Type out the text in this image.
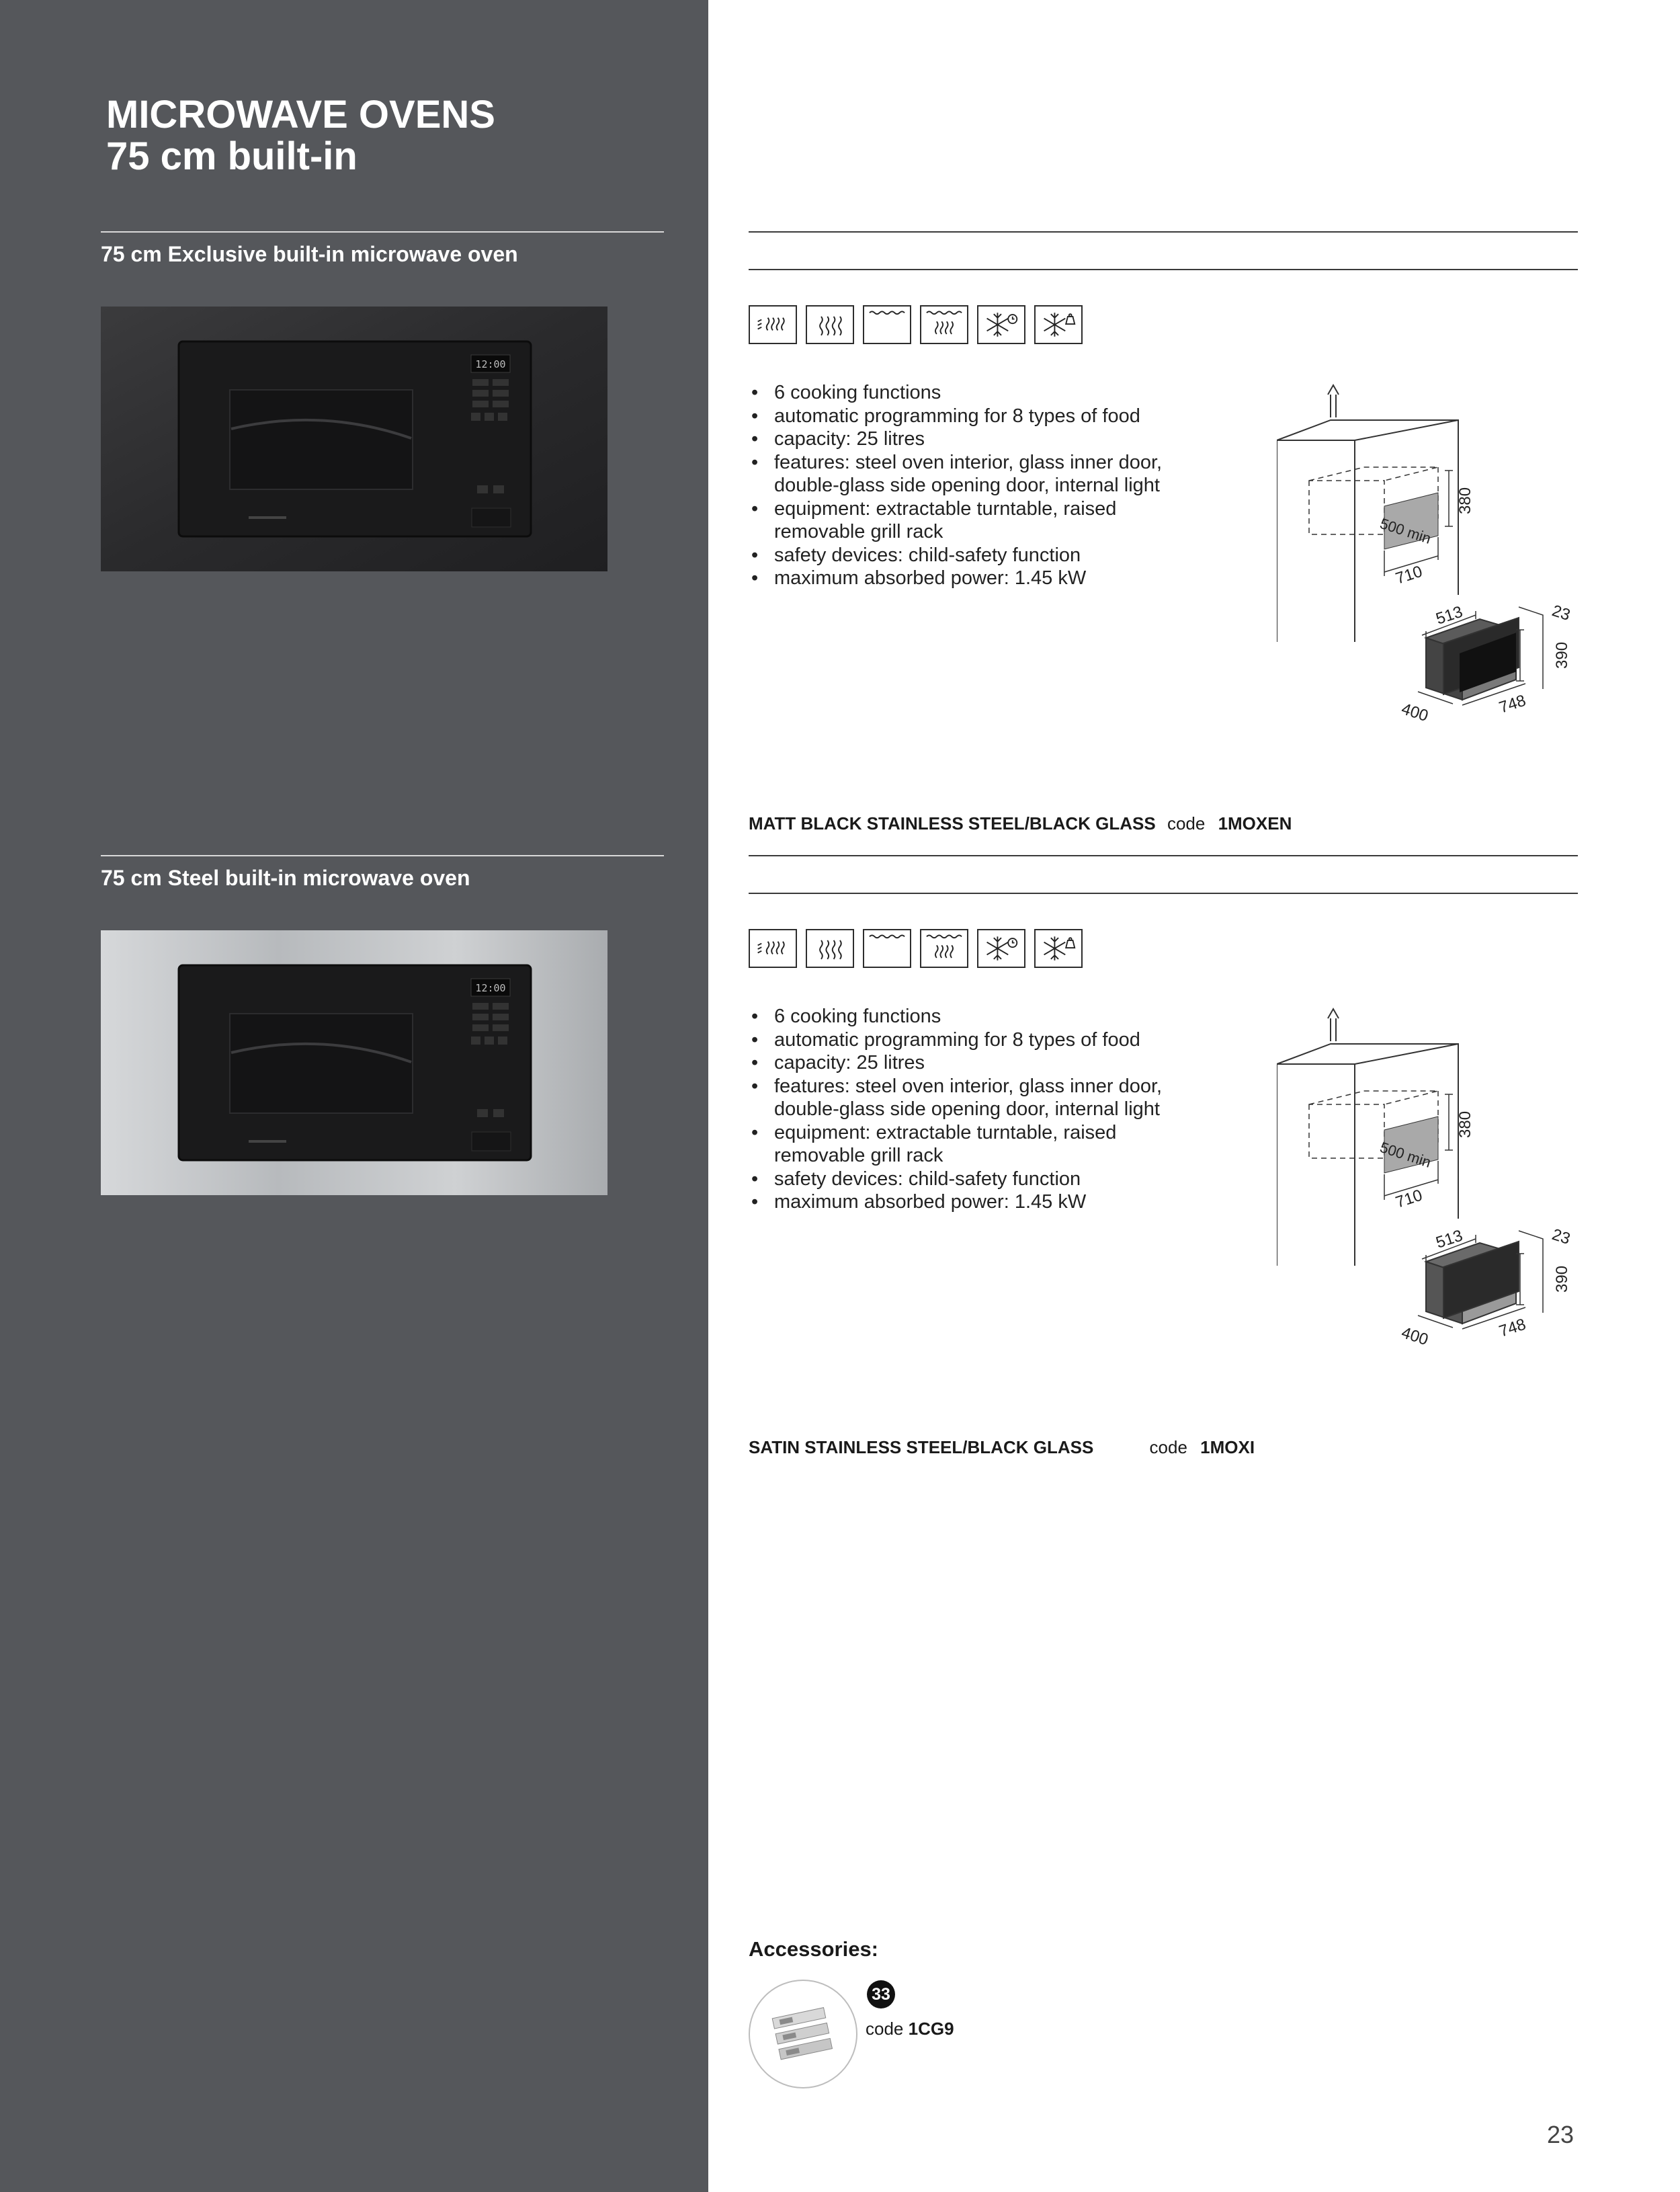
MICROWAVE OVENS
75 cm built-in
75 cm Exclusive built-in microwave oven
12:00
• 6 cooking functions
• automatic programming for 8 types of food
• capacity: 25 litres
• features: steel oven interior, glass inner door, double-glass side opening door, internal light
• equipment: extractable turntable, raised removable grill rack
• safety devices: child-safety function
• maximum absorbed power: 1.45 kW
500 min
380
710
513	23
390
400	748
MATT BLACK STAINLESS STEEL/BLACK GLASS code 1MOXEN
75 cm Steel built-in microwave oven
12:00
• 6 cooking functions
• automatic programming for 8 types of food
• capacity: 25 litres
• features: steel oven interior, glass inner door, double-glass side opening door, internal light
• equipment: extractable turntable, raised removable grill rack
• safety devices: child-safety function
• maximum absorbed power: 1.45 kW
500 min
380
710
513	23
390
400	748
SATIN STAINLESS STEEL/BLACK GLASS	code 1MOXI
Accessories:
33
code 1CG9
23
